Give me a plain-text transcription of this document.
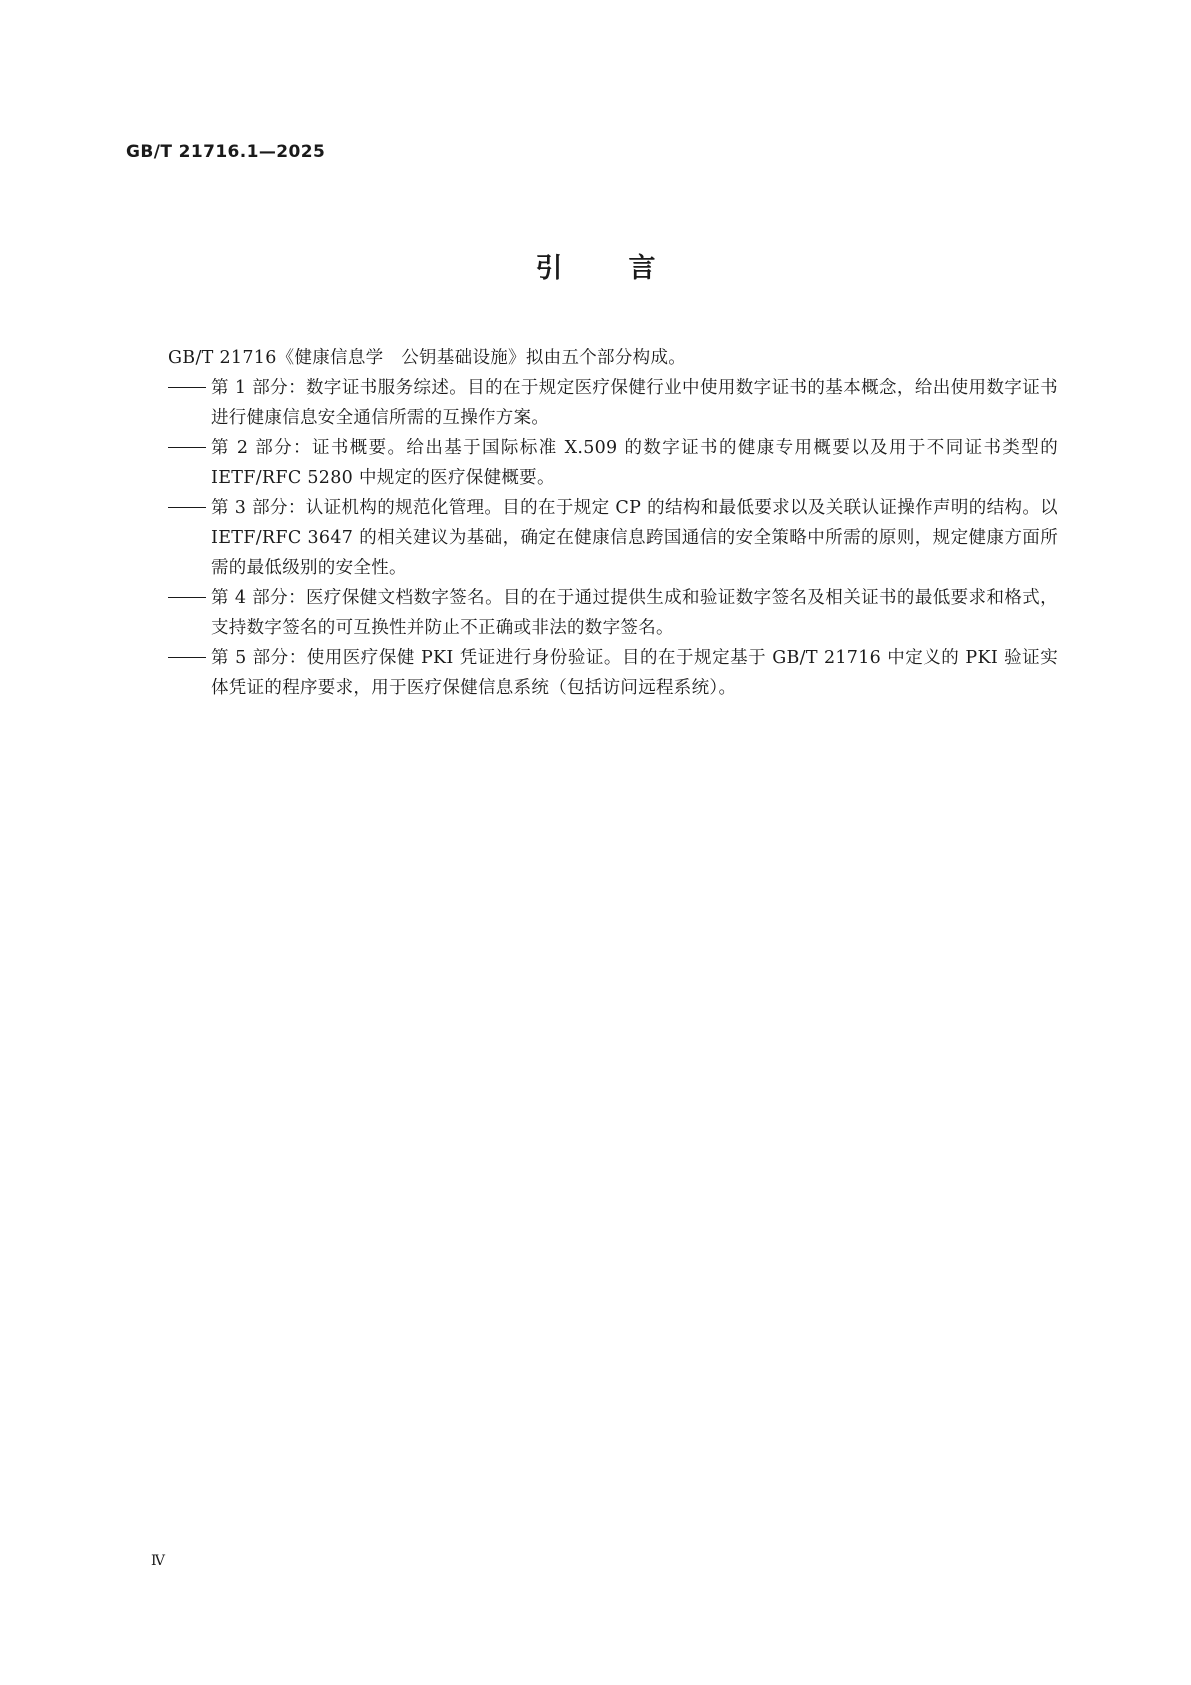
GB/T 21716.1—2025
引言

GB/T 21716《健康信息学　公钥基础设施》拟由五个部分构成。

第 1 部分：数字证书服务综述。目的在于规定医疗保健行业中使用数字证书的基本概念，给出使用数字证书进行健康信息安全通信所需的互操作方案。
第 2 部分：证书概要。给出基于国际标准 X.509 的数字证书的健康专用概要以及用于不同证书类型的 IETF/RFC 5280 中规定的医疗保健概要。
第 3 部分：认证机构的规范化管理。目的在于规定 CP 的结构和最低要求以及关联认证操作声明的结构。以 IETF/RFC 3647 的相关建议为基础，确定在健康信息跨国通信的安全策略中所需的原则，规定健康方面所需的最低级别的安全性。
第 4 部分：医疗保健文档数字签名。目的在于通过提供生成和验证数字签名及相关证书的最低要求和格式，支持数字签名的可互换性并防止不正确或非法的数字签名。
第 5 部分：使用医疗保健 PKI 凭证进行身份验证。目的在于规定基于 GB/T 21716 中定义的 PKI 验证实体凭证的程序要求，用于医疗保健信息系统（包括访问远程系统）。
Ⅳ
